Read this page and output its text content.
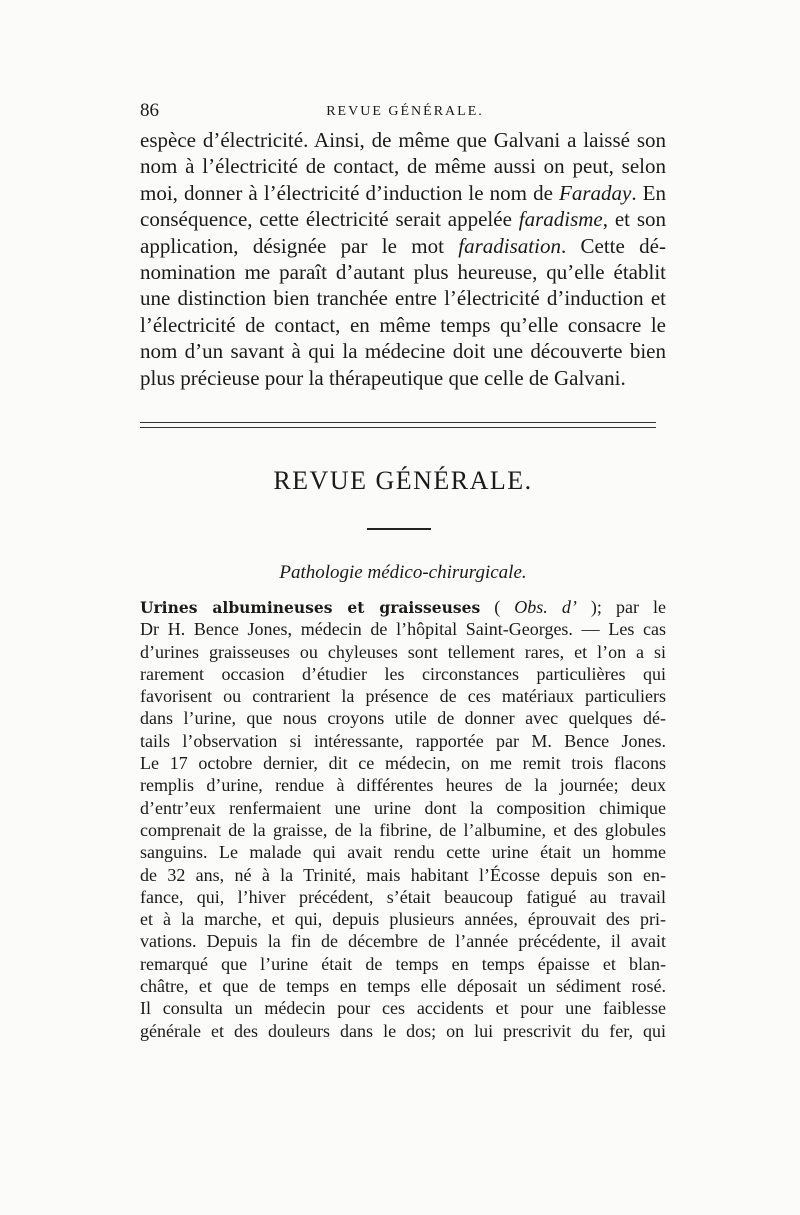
86	REVUE GÉNÉRALE.
espèce d’électricité. Ainsi, de même que Galvani a laissé son
nom à l’électricité de contact, de même aussi on peut, selon
moi, donner à l’électricité d’induction le nom de Faraday. En
conséquence, cette électricité serait appelée faradisme, et son
application, désignée par le mot faradisation. Cette dé-
nomination me paraît d’autant plus heureuse, qu’elle établit
une distinction bien tranchée entre l’électricité d’induction et
l’électricité de contact, en même temps qu’elle consacre le
nom d’un savant à qui la médecine doit une découverte bien
plus précieuse pour la thérapeutique que celle de Galvani.
REVUE GÉNÉRALE.
Pathologie médico-chirurgicale.
Urines albumineuses et graisseuses ( Obs. d’ ); par le
Dr H. Bence Jones, médecin de l’hôpital Saint-Georges. — Les cas
d’urines graisseuses ou chyleuses sont tellement rares, et l’on a si
rarement occasion d’étudier les circonstances particulières qui
favorisent ou contrarient la présence de ces matériaux particuliers
dans l’urine, que nous croyons utile de donner avec quelques dé-
tails l’observation si intéressante, rapportée par M. Bence Jones.
Le 17 octobre dernier, dit ce médecin, on me remit trois flacons
remplis d’urine, rendue à différentes heures de la journée; deux
d’entr’eux renfermaient une urine dont la composition chimique
comprenait de la graisse, de la fibrine, de l’albumine, et des globules
sanguins. Le malade qui avait rendu cette urine était un homme
de 32 ans, né à la Trinité, mais habitant l’Écosse depuis son en-
fance, qui, l’hiver précédent, s’était beaucoup fatigué au travail
et à la marche, et qui, depuis plusieurs années, éprouvait des pri-
vations. Depuis la fin de décembre de l’année précédente, il avait
remarqué que l’urine était de temps en temps épaisse et blan-
châtre, et que de temps en temps elle déposait un sédiment rosé.
Il consulta un médecin pour ces accidents et pour une faiblesse
générale et des douleurs dans le dos; on lui prescrivit du fer, qui
